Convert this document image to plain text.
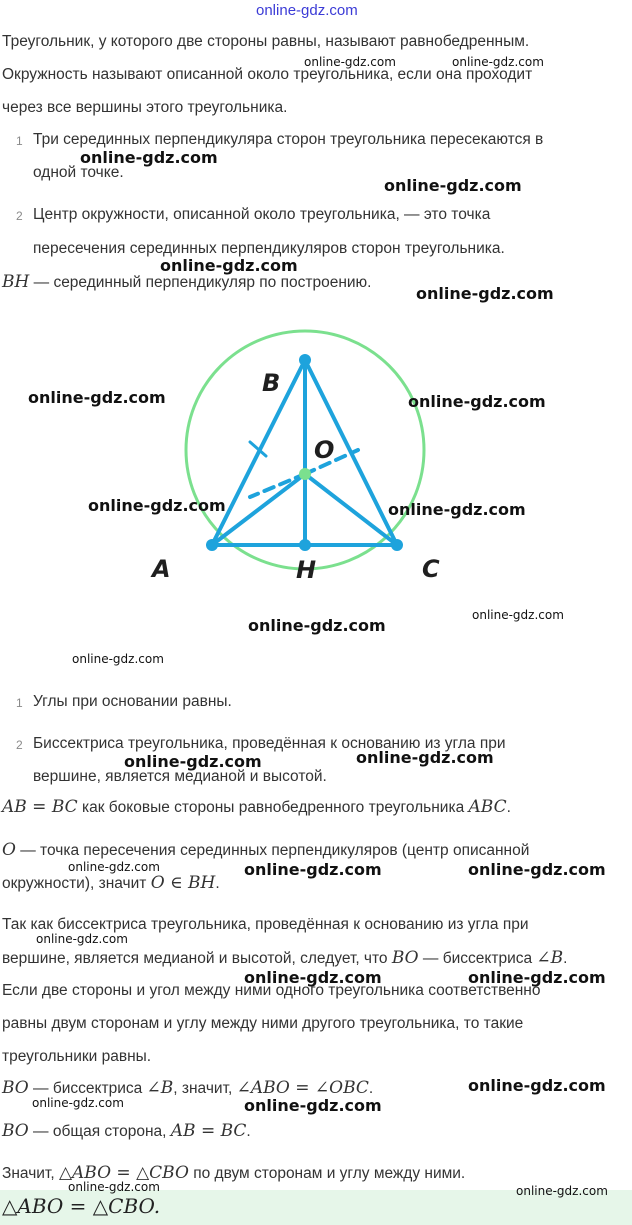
online-gdz.com
Треугольник, у которого две стороны равны, называют равнобедренным.
Окружность называют описанной около треугольника, если она проходит
через все вершины этого треугольника.
1 Три серединных перпендикуляра сторон треугольника пересекаются в
одной точке.
2 Центр окружности, описанной около треугольника, — это точка
пересечения серединных перпендикуляров сторон треугольника.
BH — серединный перпендикуляр по построению.
B
O
A	H	C
1 Углы при основании равны.
2 Биссектриса треугольника, проведённая к основанию из угла при
вершине, является медианой и высотой.
AB = BC как боковые стороны равнобедренного треугольника ABC.
O — точка пересечения серединных перпендикуляров (центр описанной
окружности), значит O ∈ BH.
Так как биссектриса треугольника, проведённая к основанию из угла при
вершине, является медианой и высотой, следует, что BO — биссектриса ∠B.
Если две стороны и угол между ними одного треугольника соответственно
равны двум сторонам и углу между ними другого треугольника, то такие
треугольники равны.
BO — биссектриса ∠B, значит, ∠ABO = ∠OBC.
BO — общая сторона, AB = BC.
Значит, △ABO = △CBO по двум сторонам и углу между ними.
△ABO = △CBO.
online-gdz.com	online-gdz.com
online-gdz.com
online-gdz.com
online-gdz.com
online-gdz.com
online-gdz.com	online-gdz.com
online-gdz.com	online-gdz.com
online-gdz.com
online-gdz.com
online-gdz.com
online-gdz.com
online-gdz.com
online-gdz.com	online-gdz.com	online-gdz.com
online-gdz.com
online-gdz.com	online-gdz.com
online-gdz.com
online-gdz.com	online-gdz.com
online-gdz.com	online-gdz.com
